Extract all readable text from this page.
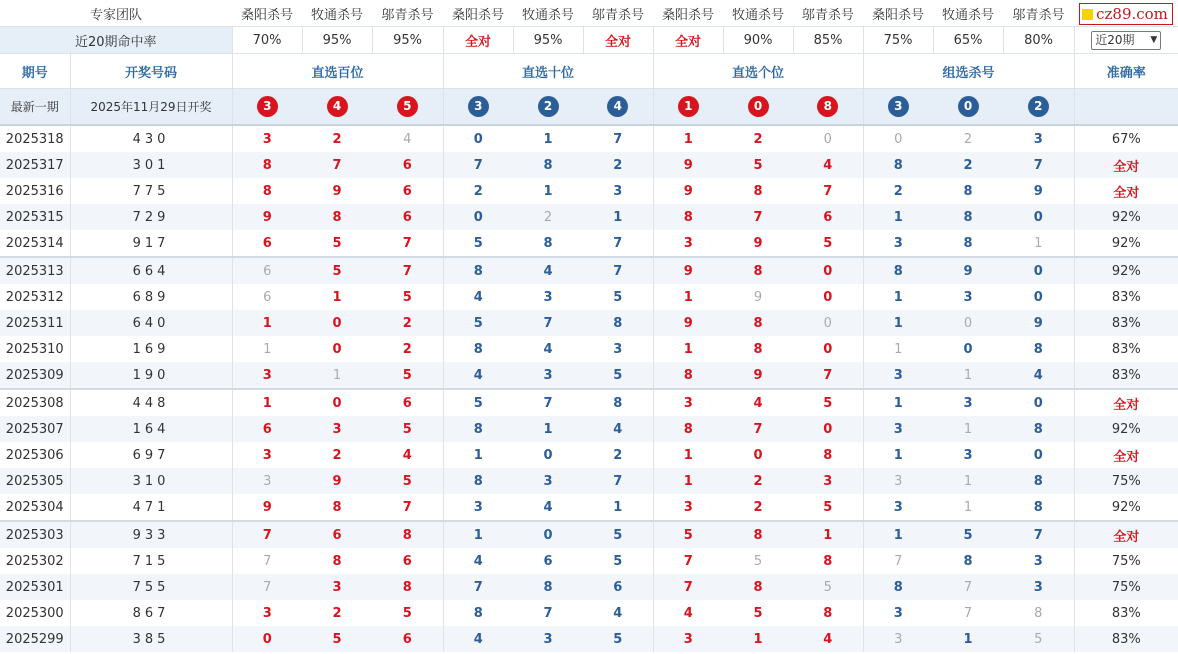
专家团队		桑阳杀号	牧通杀号	邬青杀号	桑阳杀号	牧通杀号	邬青杀号	桑阳杀号	牧通杀号	邬青杀号	桑阳杀号	牧通杀号	邬青杀号	cz89.com
近20期命中率		70%	95%	95%	全对	95%	全对	全对	90%	85%	75%	65%	80%	近20期 ▼

期号	开奖号码	直选百位			直选十位			直选个位			组选杀号			准确率
最新一期	2025年11月29日开奖	3	4	5	3	2	4	1	0	8	3	0	2	
2025318	430	3	2	4	0	1	7	1	2	0	0	2	3	67%
2025317	301	8	7	6	7	8	2	9	5	4	8	2	7	全对
2025316	775	8	9	6	2	1	3	9	8	7	2	8	9	全对
2025315	729	9	8	6	0	2	1	8	7	6	1	8	0	92%
2025314	917	6	5	7	5	8	7	3	9	5	3	8	1	92%
2025313	664	6	5	7	8	4	7	9	8	0	8	9	0	92%
2025312	689	6	1	5	4	3	5	1	9	0	1	3	0	83%
2025311	640	1	0	2	5	7	8	9	8	0	1	0	9	83%
2025310	169	1	0	2	8	4	3	1	8	0	1	0	8	83%
2025309	190	3	1	5	4	3	5	8	9	7	3	1	4	83%
2025308	448	1	0	6	5	7	8	3	4	5	1	3	0	全对
2025307	164	6	3	5	8	1	4	8	7	0	3	1	8	92%
2025306	697	3	2	4	1	0	2	1	0	8	1	3	0	全对
2025305	310	3	9	5	8	3	7	1	2	3	3	1	8	75%
2025304	471	9	8	7	3	4	1	3	2	5	3	1	8	92%
2025303	933	7	6	8	1	0	5	5	8	1	1	5	7	全对
2025302	715	7	8	6	4	6	5	7	5	8	7	8	3	75%
2025301	755	7	3	8	7	8	6	7	8	5	8	7	3	75%
2025300	867	3	2	5	8	7	4	4	5	8	3	7	8	83%
2025299	385	0	5	6	4	3	5	3	1	4	3	1	5	83%
